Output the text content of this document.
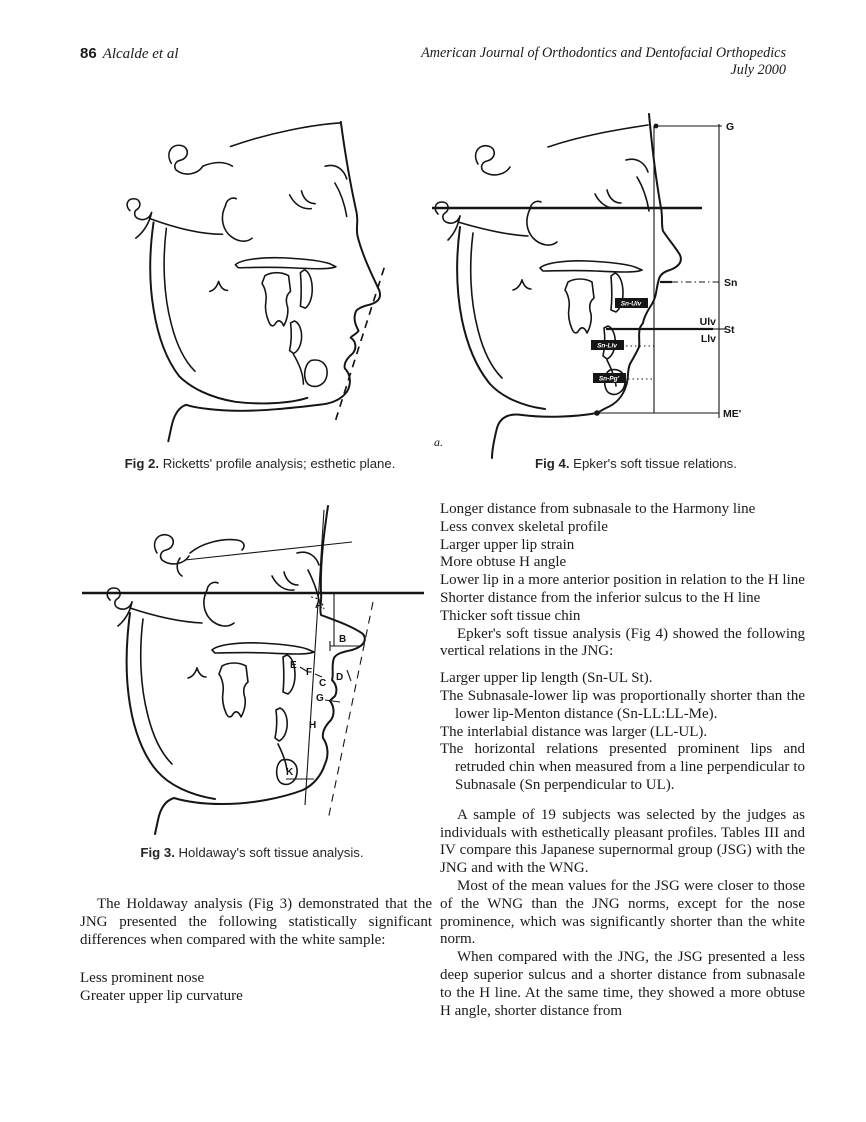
86 Alcalde et al	American Journal of Orthodontics and Dentofacial Orthopedics
July 2000
Fig 2. Ricketts' profile analysis; esthetic plane.
G
Sn
Ulv
St
Llv
ME'
Sn-Ulv
Sn-Llv
Sn-Pg'
a.
Fig 4. Epker's soft tissue relations.
A
B
C
D
E
F
G
H
K
Fig 3. Holdaway's soft tissue analysis.
The Holdaway analysis (Fig 3) demonstrated that the JNG presented the following statistically significant differences when compared with the white sample:
Less prominent nose
Greater upper lip curvature
Longer distance from subnasale to the Harmony line
Less convex skeletal profile
Larger upper lip strain
More obtuse H angle
Lower lip in a more anterior position in relation to the H line
Shorter distance from the inferior sulcus to the H line
Thicker soft tissue chin
Epker's soft tissue analysis (Fig 4) showed the following vertical relations in the JNG:
Larger upper lip length (Sn-UL St).
The Subnasale-lower lip was proportionally shorter than the lower lip-Menton distance (Sn-LL:LL-Me).
The interlabial distance was larger (LL-UL).
The horizontal relations presented prominent lips and retruded chin when measured from a line perpendicular to Subnasale (Sn perpendicular to UL).
A sample of 19 subjects was selected by the judges as individuals with esthetically pleasant profiles. Tables III and IV compare this Japanese supernormal group (JSG) with the JNG and with the WNG.
Most of the mean values for the JSG were closer to those of the WNG than the JNG norms, except for the nose prominence, which was significantly shorter than the white norm.
When compared with the JNG, the JSG presented a less deep superior sulcus and a shorter distance from subnasale to the H line. At the same time, they showed a more obtuse H angle, shorter distance from
